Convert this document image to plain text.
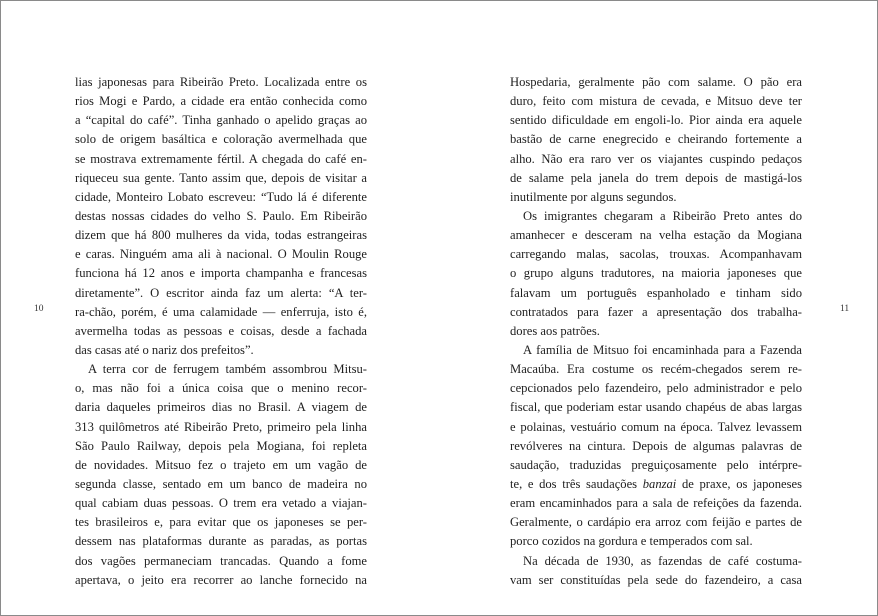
lias japonesas para Ribeirão Preto. Localizada entre os
rios Mogi e Pardo, a cidade era então conhecida como
a “capital do café”. Tinha ganhado o apelido graças ao
solo de origem basáltica e coloração avermelhada que
se mostrava extremamente fértil. A chegada do café en-
riqueceu sua gente. Tanto assim que, depois de visitar a
cidade, Monteiro Lobato escreveu: “Tudo lá é diferente
destas nossas cidades do velho S. Paulo. Em Ribeirão
dizem que há 800 mulheres da vida, todas estrangeiras
e caras. Ninguém ama ali à nacional. O Moulin Rouge
funciona há 12 anos e importa champanha e francesas
diretamente”. O escritor ainda faz um alerta: “A ter-
ra-chão, porém, é uma calamidade — enferruja, isto é,
avermelha todas as pessoas e coisas, desde a fachada
das casas até o nariz dos prefeitos”.
A terra cor de ferrugem também assombrou Mitsu-
o, mas não foi a única coisa que o menino recor-
daria daqueles primeiros dias no Brasil. A viagem de
313 quilômetros até Ribeirão Preto, primeiro pela linha
São Paulo Railway, depois pela Mogiana, foi repleta
de novidades. Mitsuo fez o trajeto em um vagão de
segunda classe, sentado em um banco de madeira no
qual cabiam duas pessoas. O trem era vetado a viajan-
tes brasileiros e, para evitar que os japoneses se per-
dessem nas plataformas durante as paradas, as portas
dos vagões permaneciam trancadas. Quando a fome
apertava, o jeito era recorrer ao lanche fornecido na
10
Hospedaria, geralmente pão com salame. O pão era
duro, feito com mistura de cevada, e Mitsuo deve ter
sentido dificuldade em engoli-lo. Pior ainda era aquele
bastão de carne enegrecido e cheirando fortemente a
alho. Não era raro ver os viajantes cuspindo pedaços
de salame pela janela do trem depois de mastigá-los
inutilmente por alguns segundos.
Os imigrantes chegaram a Ribeirão Preto antes do
amanhecer e desceram na velha estação da Mogiana
carregando malas, sacolas, trouxas. Acompanhavam
o grupo alguns tradutores, na maioria japoneses que
falavam um português espanholado e tinham sido
contratados para fazer a apresentação dos trabalha-
dores aos patrões.
A família de Mitsuo foi encaminhada para a Fazenda
Macaúba. Era costume os recém-chegados serem re-
cepcionados pelo fazendeiro, pelo administrador e pelo
fiscal, que poderiam estar usando chapéus de abas largas
e polainas, vestuário comum na época. Talvez levassem
revólveres na cintura. Depois de algumas palavras de
saudação, traduzidas preguiçosamente pelo intérpre-
te, e dos três saudações banzai de praxe, os japoneses
eram encaminhados para a sala de refeições da fazenda.
Geralmente, o cardápio era arroz com feijão e partes de
porco cozidos na gordura e temperados com sal.
Na década de 1930, as fazendas de café costuma-
vam ser constituídas pela sede do fazendeiro, a casa
11
